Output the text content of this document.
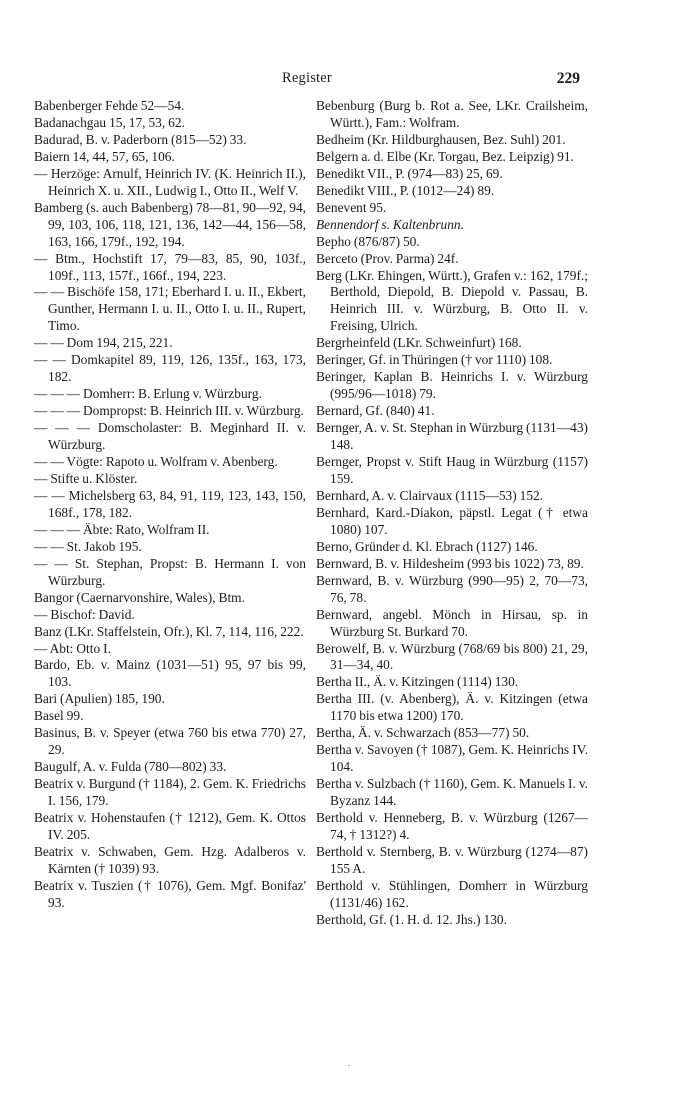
Register	229

Babenberger Fehde 52—54.

Badanachgau 15, 17, 53, 62.

Badurad, B. v. Paderborn (815—52) 33.

Baiern 14, 44, 57, 65, 106.

— Herzöge: Arnulf, Heinrich IV. (K. Heinrich II.), Heinrich X. u. XII., Ludwig I., Otto II., Welf V.

Bamberg (s. auch Babenberg) 78—81, 90—92, 94, 99, 103, 106, 118, 121, 136, 142—44, 156—58, 163, 166, 179f., 192, 194.

— Btm., Hochstift 17, 79—83, 85, 90, 103f., 109f., 113, 157f., 166f., 194, 223.

— — Bischöfe 158, 171; Eberhard I. u. II., Ekbert, Gunther, Hermann I. u. II., Otto I. u. II., Rupert, Timo.

— — Dom 194, 215, 221.

— — Domkapitel 89, 119, 126, 135f., 163, 173, 182.

— — — Domherr: B. Erlung v. Würzburg.

— — — Dompropst: B. Heinrich III. v. Würzburg.

— — — Domscholaster: B. Meginhard II. v. Würzburg.

— — Vögte: Rapoto u. Wolfram v. Abenberg.

— Stifte u. Klöster.

— — Michelsberg 63, 84, 91, 119, 123, 143, 150, 168f., 178, 182.

— — — Äbte: Rato, Wolfram II.

— — St. Jakob 195.

— — St. Stephan, Propst: B. Hermann I. von Würzburg.

Bangor (Caernarvonshire, Wales), Btm.

— Bischof: David.

Banz (LKr. Staffelstein, Ofr.), Kl. 7, 114, 116, 222.

— Abt: Otto I.

Bardo, Eb. v. Mainz (1031—51) 95, 97 bis 99, 103.

Bari (Apulien) 185, 190.

Basel 99.

Basinus, B. v. Speyer (etwa 760 bis etwa 770) 27, 29.

Baugulf, A. v. Fulda (780—802) 33.

Beatrix v. Burgund († 1184), 2. Gem. K. Friedrichs I. 156, 179.

Beatrix v. Hohenstaufen († 1212), Gem. K. Ottos IV. 205.

Beatrix v. Schwaben, Gem. Hzg. Adalberos v. Kärnten († 1039) 93.

Beatrix v. Tuszien († 1076), Gem. Mgf. Bonifaz' 93.

Bebenburg (Burg b. Rot a. See, LKr. Crailsheim, Württ.), Fam.: Wolfram.

Bedheim (Kr. Hildburghausen, Bez. Suhl) 201.

Belgern a. d. Elbe (Kr. Torgau, Bez. Leipzig) 91.

Benedikt VII., P. (974—83) 25, 69.

Benedikt VIII., P. (1012—24) 89.

Benevent 95.

Bennendorf s. Kaltenbrunn.

Bepho (876/87) 50.

Berceto (Prov. Parma) 24f.

Berg (LKr. Ehingen, Württ.), Grafen v.: 162, 179f.; Berthold, Diepold, B. Diepold v. Passau, B. Heinrich III. v. Würzburg, B. Otto II. v. Freising, Ulrich.

Bergrheinfeld (LKr. Schweinfurt) 168.

Beringer, Gf. in Thüringen († vor 1110) 108.

Beringer, Kaplan B. Heinrichs I. v. Würzburg (995/96—1018) 79.

Bernard, Gf. (840) 41.

Bernger, A. v. St. Stephan in Würzburg (1131—43) 148.

Bernger, Propst v. Stift Haug in Würzburg (1157) 159.

Bernhard, A. v. Clairvaux (1115—53) 152.

Bernhard, Kard.-Diakon, päpstl. Legat († etwa 1080) 107.

Berno, Gründer d. Kl. Ebrach (1127) 146.

Bernward, B. v. Hildesheim (993 bis 1022) 73, 89.

Bernward, B. v. Würzburg (990—95) 2, 70—73, 76, 78.

Bernward, angebl. Mönch in Hirsau, sp. in Würzburg St. Burkard 70.

Berowelf, B. v. Würzburg (768/69 bis 800) 21, 29, 31—34, 40.

Bertha II., Ä. v. Kitzingen (1114) 130.

Bertha III. (v. Abenberg), Ä. v. Kitzingen (etwa 1170 bis etwa 1200) 170.

Bertha, Ä. v. Schwarzach (853—77) 50.

Bertha v. Savoyen († 1087), Gem. K. Heinrichs IV. 104.

Bertha v. Sulzbach († 1160), Gem. K. Manuels I. v. Byzanz 144.

Berthold v. Henneberg, B. v. Würzburg (1267—74, † 1312?) 4.

Berthold v. Sternberg, B. v. Würzburg (1274—87) 155 A.

Berthold v. Stühlingen, Domherr in Würzburg (1131/46) 162.

Berthold, Gf. (1. H. d. 12. Jhs.) 130.

·
